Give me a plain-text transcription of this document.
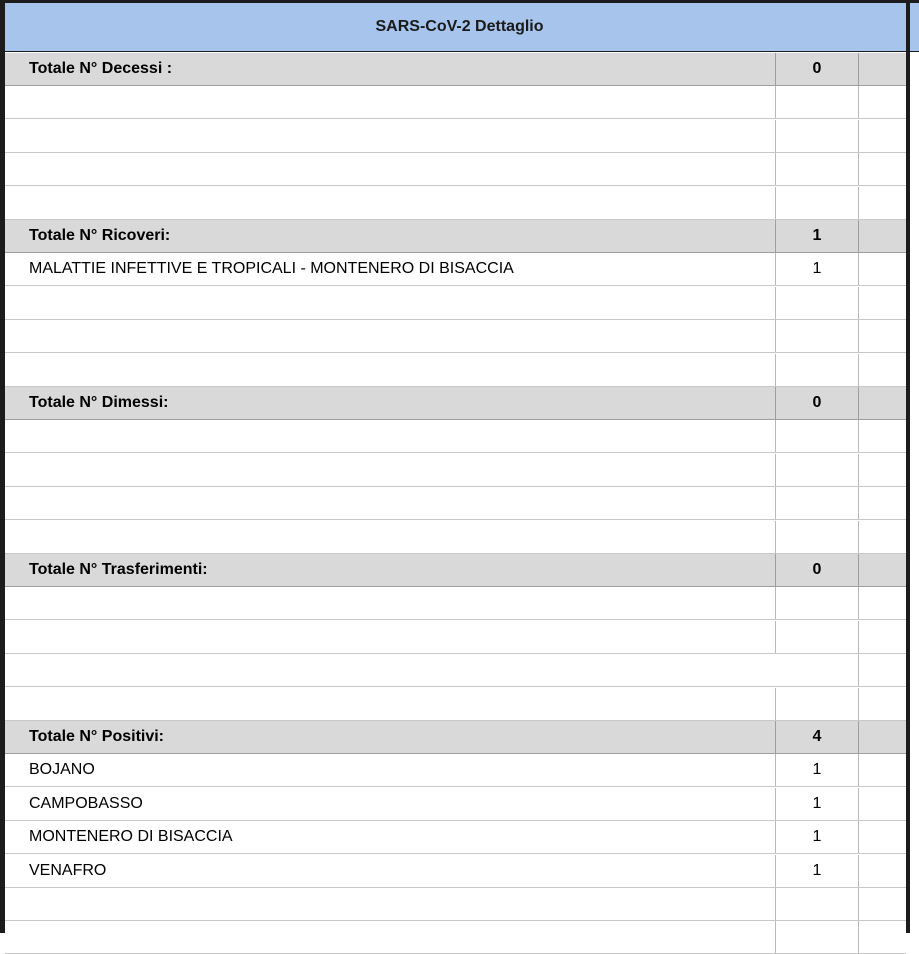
SARS-CoV-2 Dettaglio
Totale N° Decessi :	0
Totale N° Ricoveri:	1
MALATTIE INFETTIVE E TROPICALI - MONTENERO DI BISACCIA	1
Totale N° Dimessi:	0
Totale N° Trasferimenti:	0
Totale N° Positivi:	4
BOJANO	1
CAMPOBASSO	1
MONTENERO DI BISACCIA	1
VENAFRO	1
